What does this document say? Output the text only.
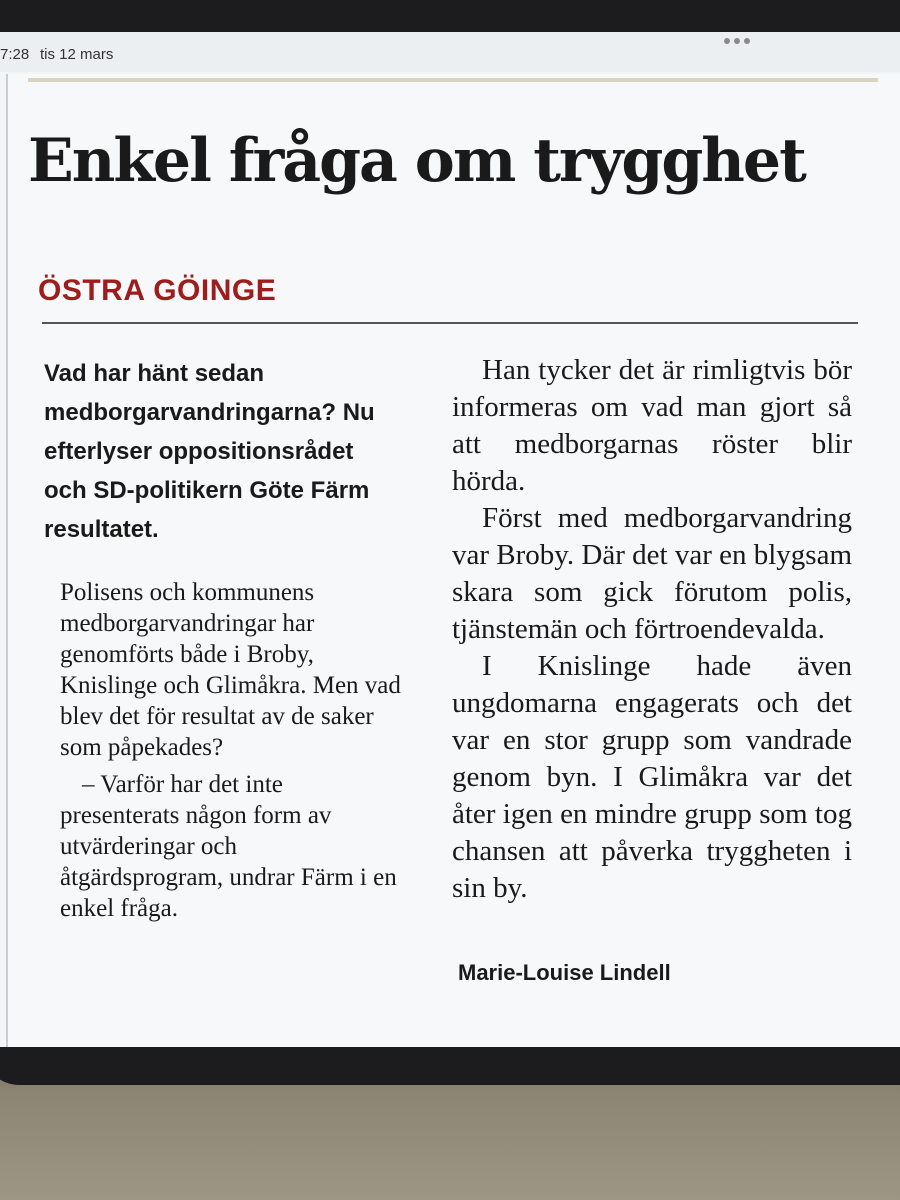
7:28 tis 12 mars
Enkel fråga om trygghet
ÖSTRA GÖINGE

Vad har hänt sedan medborgarvandringarna? Nu efterlyser oppositionsrådet och SD-politikern Göte Färm resultatet.

Polisens och kommunens medborgarvandringar har genomförts både i Broby, Knislinge och Glimåkra. Men vad blev det för resultat av de saker som påpekades?

– Varför har det inte presenterats någon form av utvärderingar och åtgärdsprogram, undrar Färm i en enkel fråga.

Han tycker det är rimligtvis bör informeras om vad man gjort så att medborgarnas röster blir hörda.

Först med medborgarvandring var Broby. Där det var en blygsam skara som gick förutom polis, tjänstemän och förtroendevalda.

I Knislinge hade även ungdomarna engagerats och det var en stor grupp som vandrade genom byn. I Glimåkra var det åter igen en mindre grupp som tog chansen att påverka tryggheten i sin by.

Marie-Louise Lindell
